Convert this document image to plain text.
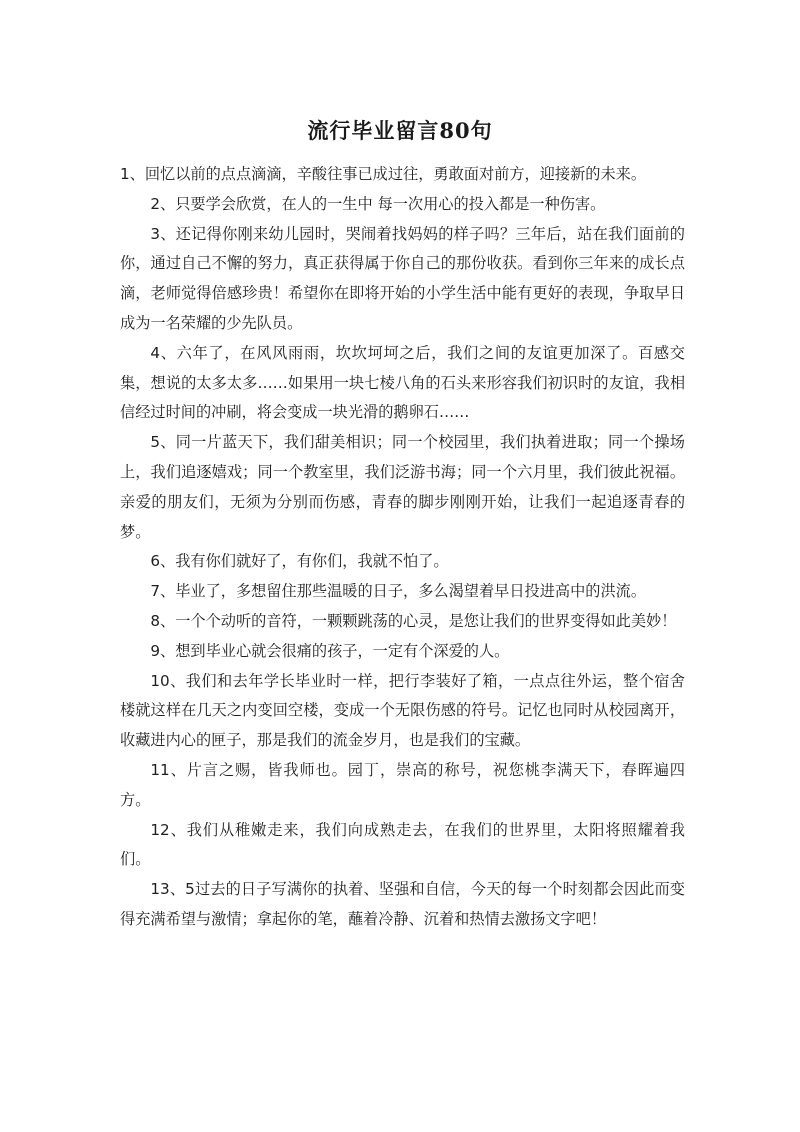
流行毕业留言80句

1、回忆以前的点点滴滴，辛酸往事已成过往，勇敢面对前方，迎接新的未来。

2、只要学会欣赏，在人的一生中 每一次用心的投入都是一种伤害。

3、还记得你刚来幼儿园时，哭闹着找妈妈的样子吗？三年后，站在我们面前的你，通过自己不懈的努力，真正获得属于你自己的那份收获。看到你三年来的成长点滴，老师觉得倍感珍贵！希望你在即将开始的小学生活中能有更好的表现，争取早日成为一名荣耀的少先队员。

4、六年了，在风风雨雨，坎坎坷坷之后，我们之间的友谊更加深了。百感交集，想说的太多太多……如果用一块七棱八角的石头来形容我们初识时的友谊，我相信经过时间的冲刷，将会变成一块光滑的鹅卵石……

5、同一片蓝天下，我们甜美相识；同一个校园里，我们执着进取；同一个操场上，我们追逐嬉戏；同一个教室里，我们泛游书海；同一个六月里，我们彼此祝福。亲爱的朋友们，无须为分别而伤感，青春的脚步刚刚开始，让我们一起追逐青春的梦。

6、我有你们就好了，有你们，我就不怕了。

7、毕业了，多想留住那些温暖的日子，多么渴望着早日投进高中的洪流。

8、一个个动听的音符，一颗颗跳荡的心灵，是您让我们的世界变得如此美妙！

9、想到毕业心就会很痛的孩子，一定有个深爱的人。

10、我们和去年学长毕业时一样，把行李装好了箱，一点点往外运，整个宿舍楼就这样在几天之内变回空楼，变成一个无限伤感的符号。记忆也同时从校园离开，收藏进内心的匣子，那是我们的流金岁月，也是我们的宝藏。

11、片言之赐，皆我师也。园丁，崇高的称号，祝您桃李满天下，春晖遍四方。

12、我们从稚嫩走来，我们向成熟走去，在我们的世界里，太阳将照耀着我们。

13、5过去的日子写满你的执着、坚强和自信，今天的每一个时刻都会因此而变得充满希望与激情；拿起你的笔，蘸着冷静、沉着和热情去激扬文字吧！
